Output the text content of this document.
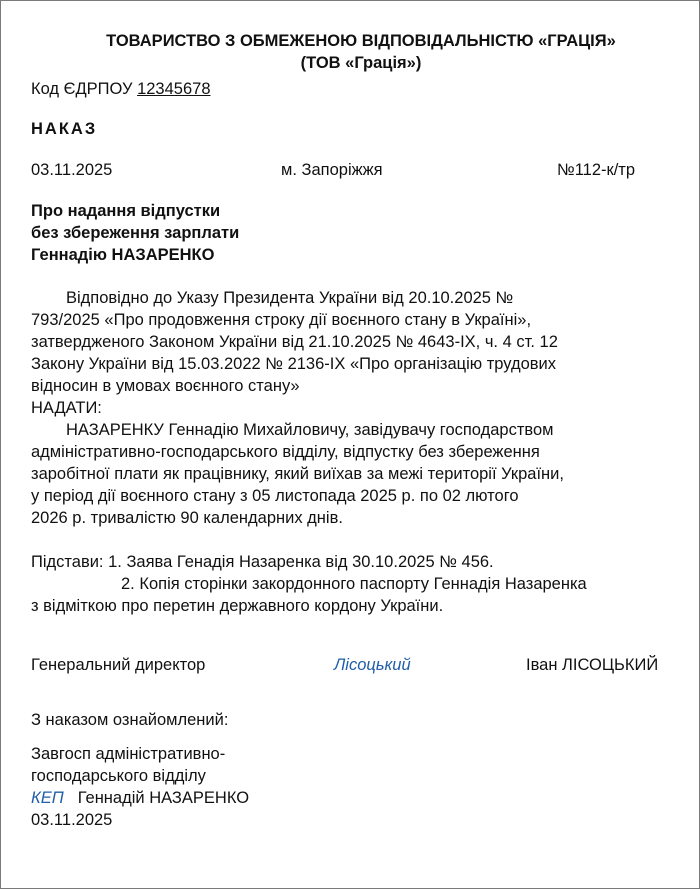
ТОВАРИСТВО З ОБМЕЖЕНОЮ ВІДПОВІДАЛЬНІСТЮ «ГРАЦІЯ»
(ТОВ «Грація»)
Код ЄДРПОУ 12345678
НАКАЗ
03.11.2025	м. Запоріжжя	№112-к/тр
Про надання відпустки
без збереження зарплати
Геннадію НАЗАРЕНКО
Відповідно до Указу Президента України від 20.10.2025 №
793/2025 «Про продовження строку дії воєнного стану в Україні»,
затвердженого Законом України від 21.10.2025 № 4643-IX, ч. 4 ст. 12
Закону України від 15.03.2022 № 2136-IX «Про організацію трудових
відносин в умовах воєнного стану»
НАДАТИ:
НАЗАРЕНКУ Геннадію Михайловичу, завідувачу господарством
адміністративно-господарського відділу, відпустку без збереження
заробітної плати як працівнику, який виїхав за межі території України,
у період дії воєнного стану з 05 листопада 2025 р. по 02 лютого
2026 р. тривалістю 90 календарних днів.
Підстави: 1. Заява Генадія Назаренка від 30.10.2025 № 456.
2. Копія сторінки закордонного паспорту Геннадія Назаренка
з відміткою про перетин державного кордону України.
Генеральний директор	Лісоцький	Іван ЛІСОЦЬКИЙ
З наказом ознайомлений:
Завгосп адміністративно-
господарського відділу
КЕП Геннадій НАЗАРЕНКО
03.11.2025
